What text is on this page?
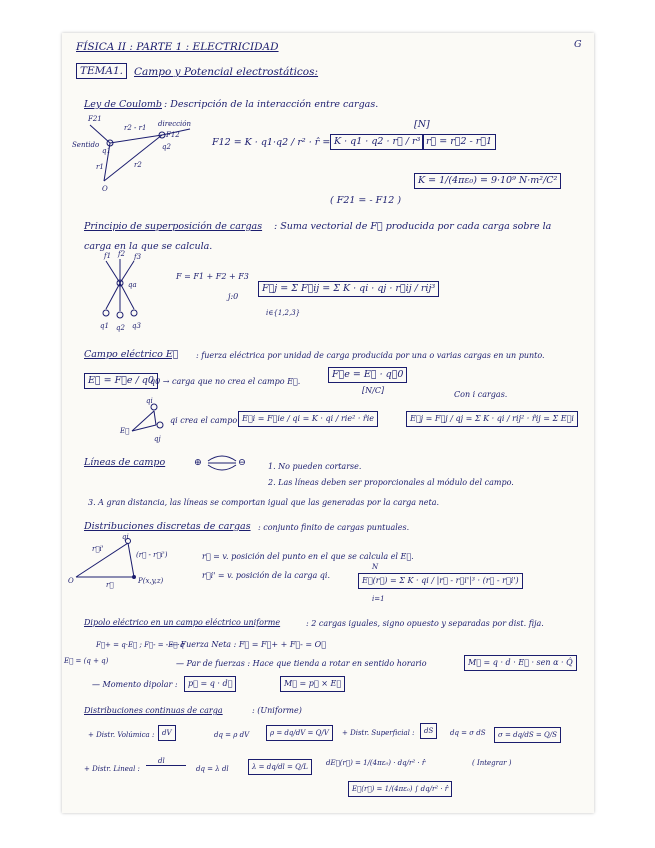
FÍSICA II : PARTE 1 : ELECTRICIDAD	G
TEMA1.	Campo y Potencial electrostáticos:
Ley de Coulomb : Descripción de la interacción entre cargas.
F21
r2 - r1 dirección
F12
Sentido
q1	q2
r1	r2
O
F12 = K · q1·q2 / r² · r̂ = K · q1 · q2 · r⃗ / r³
[N]
r⃗ = r⃗2 - r⃗1
K = 1/(4πε₀) = 9·10⁹ N·m²/C²
( F21 = - F12 )
Principio de superposición de cargas : Suma vectorial de F⃗ producida por cada carga sobre la
carga en la que se calcula.
f1 f2 f3
qa
q1 q2 q3
F = F1 + F2 + F3
j:0
F⃗j = Σ F⃗ij = Σ K · qi · qj · r⃗ij / rij³
i∈{1,2,3}
Campo eléctrico E⃗ : fuerza eléctrica por unidad de carga producida por una o varias cargas en un punto.
E⃗ = F⃗e / q0
q0 → carga que no crea el campo E⃗.
F⃗e = E⃗ · q⃗0
[N/C]	Con i cargas.
qi
qj
E⃗
qi crea el campo E⃗i = F⃗ie / qi = K · qi / rie² · r̂ie	E⃗j = F⃗j / qj = Σ K · qi / rij² · r̂ij = Σ E⃗i
Líneas de campo	⊕	⊖	1. No pueden cortarse.
2. Las líneas deben ser proporcionales al módulo del campo.
3. A gran distancia, las líneas se comportan igual que las generadas por la carga neta.
Distribuciones discretas de cargas : conjunto finito de cargas puntuales.
r⃗i'
qi
(r⃗ - r⃗i')
r⃗	P(x,y,z)
O
r⃗ = v. posición del punto en el que se calcula el E⃗.
r⃗i' = v. posición de la carga qi.
N
E⃗(r⃗) = Σ K · qi / |r⃗ - r⃗i'|³ · (r⃗ - r⃗i')
i=1
Dipolo eléctrico en un campo eléctrico uniforme	: 2 cargas iguales, signo opuesto y separadas por dist. fija.
F⃗+ = q·E⃗ ; F⃗- = -E⃗·q
— Fuerza Neta : F⃗ = F⃗+ + F⃗- = O⃗
E⃗ = (q + q)	— Par de fuerzas : Hace que tienda a rotar en sentido horario	M⃗ = q · d · E⃗ · sen α · Q̂
— Momento dipolar :	p⃗ = q · d⃗	M⃗ = p⃗ × E⃗
Distribuciones continuas de carga	: (Uniforme)
+ Distr. Volúmica :	dV	dq = ρ dV	ρ = dq/dV = Q/V	+ Distr. Superficial :	dS	dq = σ dS	σ = dq/dS = Q/S
+ Distr. Lineal :
dl
dq = λ dl	λ = dq/dl = Q/L	dE⃗(r⃗) = 1/(4πε₀) · dq/r² · r̂	( Integrar )
E⃗(r⃗) = 1/(4πε₀) ∫ dq/r² · r̂
